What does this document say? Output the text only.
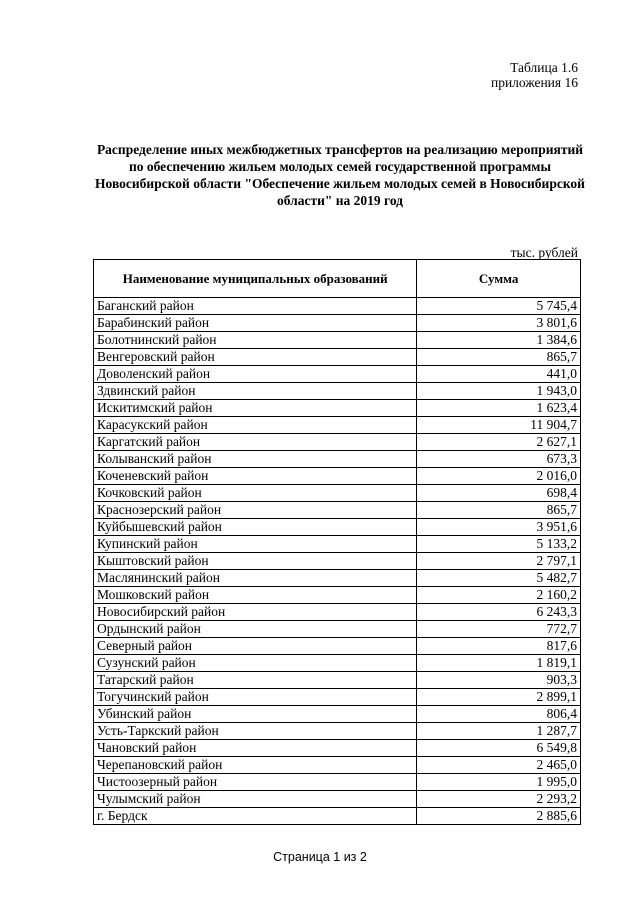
Таблица 1.6
приложения 16
Распределение иных межбюджетных трансфертов на реализацию мероприятий
по обеспечению жильем молодых семей государственной программы
Новосибирской области "Обеспечение жильем молодых семей в Новосибирской
области" на 2019 год
тыс. рублей
Наименование муниципальных образований	Сумма
Баганский район	5 745,4
Барабинский район	3 801,6
Болотнинский район	1 384,6
Венгеровский район	865,7
Доволенский район	441,0
Здвинский район	1 943,0
Искитимский район	1 623,4
Карасукский район	11 904,7
Каргатский район	2 627,1
Колыванский район	673,3
Коченевский район	2 016,0
Кочковский район	698,4
Краснозерский район	865,7
Куйбышевский район	3 951,6
Купинский район	5 133,2
Кыштовский район	2 797,1
Маслянинский район	5 482,7
Мошковский район	2 160,2
Новосибирский район	6 243,3
Ордынский район	772,7
Северный район	817,6
Сузунский район	1 819,1
Татарский район	903,3
Тогучинский район	2 899,1
Убинский район	806,4
Усть-Таркский район	1 287,7
Чановский район	6 549,8
Черепановский район	2 465,0
Чистоозерный район	1 995,0
Чулымский район	2 293,2
г. Бердск	2 885,6
Страница 1 из 2
